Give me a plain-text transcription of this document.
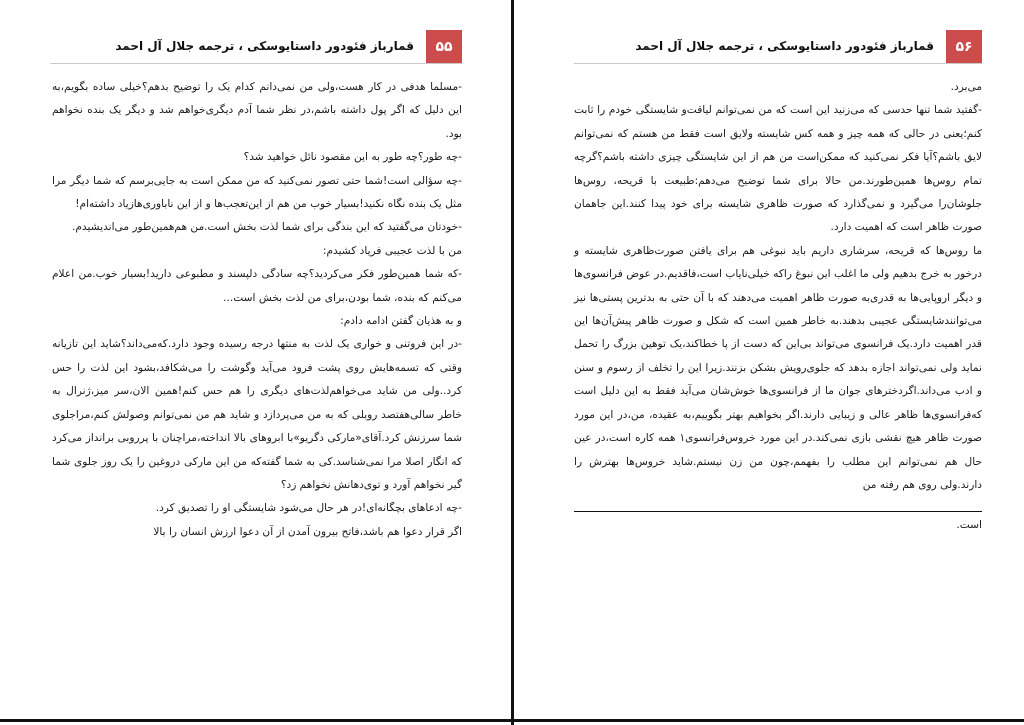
۵۵
قمارباز فئودور داستایوسکی ، ترجمه جلال آل احمد

-مسلما هدفی در کار هست،ولی من نمی‌دانم کدام یک را توضیح بدهم؟خیلی ساده بگویم،به این دلیل که اگر پول داشته باشم،در نظر شما آدم دیگری‌خواهم شد و دیگر یک بنده نخواهم بود.

-چه طور؟چه طور به این مقصود نائل خواهید شد؟

-چه سؤالی است!شما حتی تصور نمی‌کنید که من ممکن است به جایی‌برسم که شما دیگر مرا مثل یک بنده نگاه نکنید!بسیار خوب من هم از این‌تعجب‌ها و از این ناباوری‌هازیاد داشته‌ام!

-خودتان می‌گفتید که این بندگی برای شما لذت بخش است.من هم‌همین‌طور می‌اندیشیدم.

من با لذت عجیبی فریاد کشیدم:

-که شما همین‌طور فکر می‌کردید؟چه سادگی دلپسند و مطبوعی دارید!بسیار خوب.من اعلام می‌کنم که بنده، شما بودن،برای من لذت بخش است...

و به هذیان گفتن ادامه دادم:

-در این فروتنی و خواری یک لذت به منتها درجه رسیده وجود دارد.که‌می‌داند؟شاید این تازیانه وقتی که تسمه‌هایش روی پشت فرود می‌آید وگوشت را می‌شکافد،بشود این لذت را حس کرد..ولی من شاید می‌خواهم‌لذت‌های دیگری را هم حس کنم!همین الان،سر میز،ژنرال به خاطر سالی‌هفتصد روبلی که به من می‌پردازد و شاید هم من نمی‌توانم وصولش کنم،مراجلوی شما سرزنش کرد.آقای«مارکی دگریو»با ابروهای بالا انداخته،مراچنان با پرروبی برانداز می‌کرد که انگار اصلا مرا نمی‌شناسد.کی به شما گفته‌که من این مارکی دروغین را یک روز جلوی شما گیر نخواهم آورد و توی‌دهانش نخواهم زد؟

-چه ادعاهای بچگانه‌ای!در هر حال می‌شود شایستگی او را تصدیق کرد.

اگر قرار دعوا هم باشد،فاتح بیرون آمدن از آن دعوا ارزش انسان را بالا

۵۶
قمارباز فئودور داستایوسکی ، ترجمه جلال آل احمد

می‌برد.

-گفتید شما تنها حدسی که می‌زنید این است که من نمی‌توانم لیاقت‌و شایستگی خودم را ثابت کنم؛یعنی در حالی که همه چیز و همه کس شایسته ولایق است فقط من هستم که نمی‌توانم لایق باشم؟آیا فکر نمی‌کنید که ممکن‌است من هم از این شایستگی چیزی داشته باشم؟گرچه تمام روس‌ها همین‌طورند.من حالا برای شما توضیح می‌دهم:طبیعت با قریحه، روس‌ها جلوشان‌را می‌گیرد و نمی‌گذارد که صورت ظاهری شایسته برای خود پیدا کنند.این جاهمان صورت ظاهر است که اهمیت دارد.

ما روس‌ها که قریحه، سرشاری داریم باید نبوغی هم برای یافتن صورت‌ظاهری شایسته و درخور به خرج بدهیم ولی ما اغلب این نبوغ راکه خیلی‌نایاب است،فاقدیم.در عوض فرانسوی‌ها و دیگر اروپایی‌ها به قدری‌به صورت ظاهر اهمیت می‌دهند که با آن حتی به بدترین پستی‌ها نیز می‌توانندشایستگی عجیبی بدهند.به خاطر همین است که شکل و صورت ظاهر پیش‌آن‌ها این قدر اهمیت دارد.یک فرانسوی می‌تواند بی‌این که دست از پا خطاکند،یک توهین بزرگ را تحمل نماید ولی نمی‌تواند اجازه بدهد که جلوی‌رویش بشکن بزنند.زیرا این را تخلف از رسوم و سنن و ادب می‌داند.اگردختر‌های جوان ما از فرانسوی‌ها خوش‌شان می‌آید فقط به این دلیل است که‌فرانسوی‌ها ظاهر عالی و زیبایی دارند.اگر بخواهیم بهتر بگوییم،به عقیده، من،در این مورد صورت ظاهر هیچ نقشی بازی نمی‌کند.در این مورد خروس‌فرانسوی۱ همه کاره است،در عین حال هم نمی‌توانم این مطلب را بفهمم،چون من زن نیستم.شاید خروس‌ها بهترش را دارند.ولی روی هم رفته من

است.
